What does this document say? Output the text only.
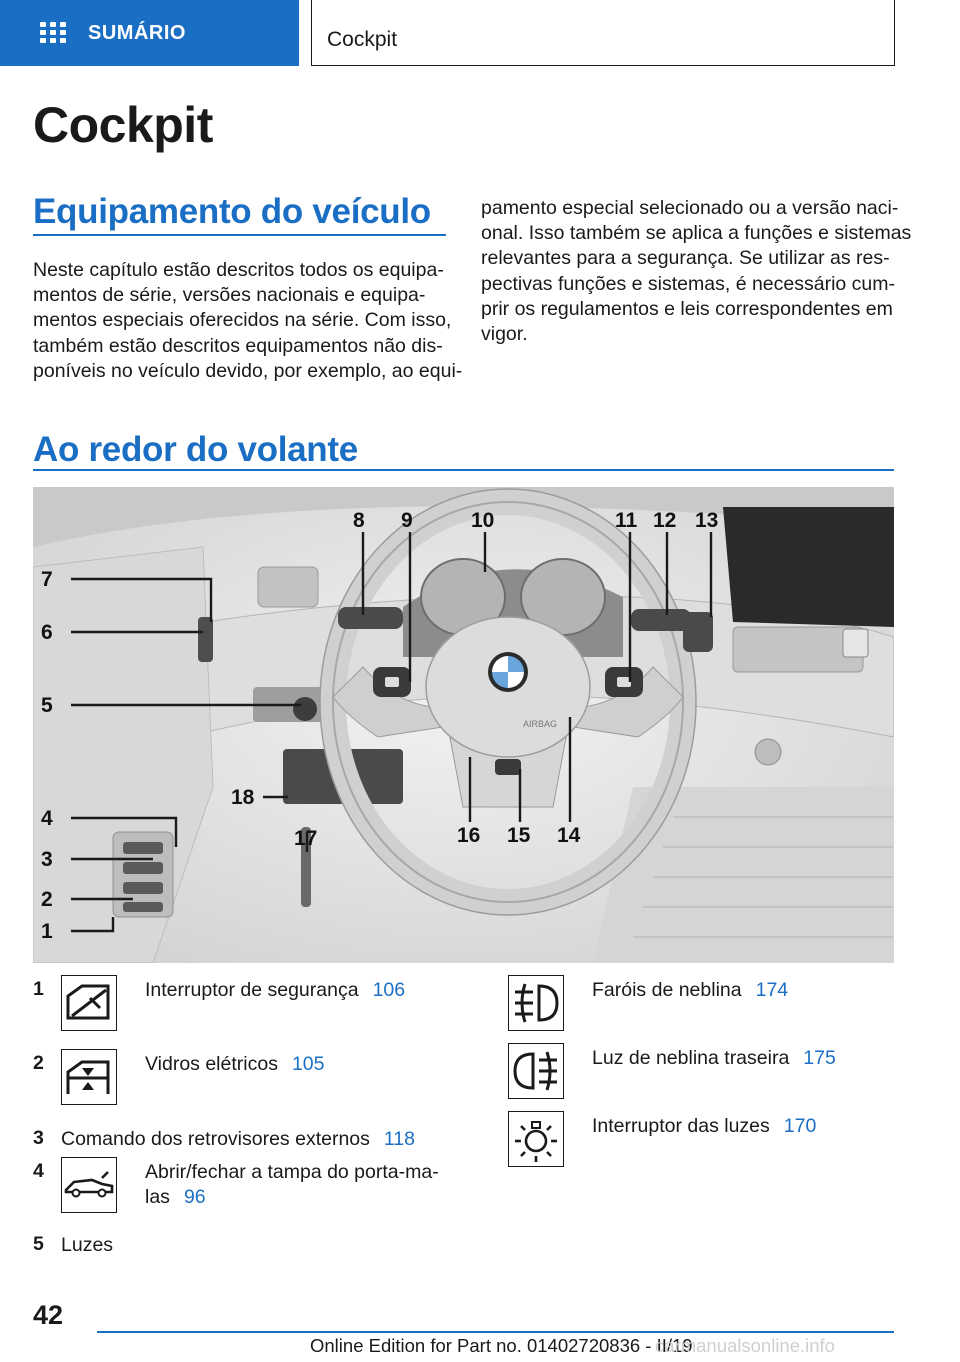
SUMÁRIO	Cockpit
Cockpit
Equipamento do veículo
Neste capítulo estão descritos todos os equipa-
mentos de série, versões nacionais e equipa-
mentos especiais oferecidos na série. Com isso,
também estão descritos equipamentos não dis-
poníveis no veículo devido, por exemplo, ao equi-
pamento especial selecionado ou a versão naci-
onal. Isso também se aplica a funções e sistemas
relevantes para a segurança. Se utilizar as res-
pectivas funções e sistemas, é necessário cum-
prir os regulamentos e leis correspondentes em
vigor.
Ao redor do volante
AIRBAG
7
6
5
4
3
2
1
8 9	10	11 12 13
14
15
16
17
18
1	Interruptor de segurança 106
2	Vidros elétricos 105
3 Comando dos retrovisores externos 118
4	Abrir/fechar a tampa do porta-ma-
las 96
5 Luzes
Faróis de neblina 174
Luz de neblina traseira 175
Interruptor das luzes 170
42
Online Edition for Part no. 01402720836 - II/19
carmanualsonline.info
